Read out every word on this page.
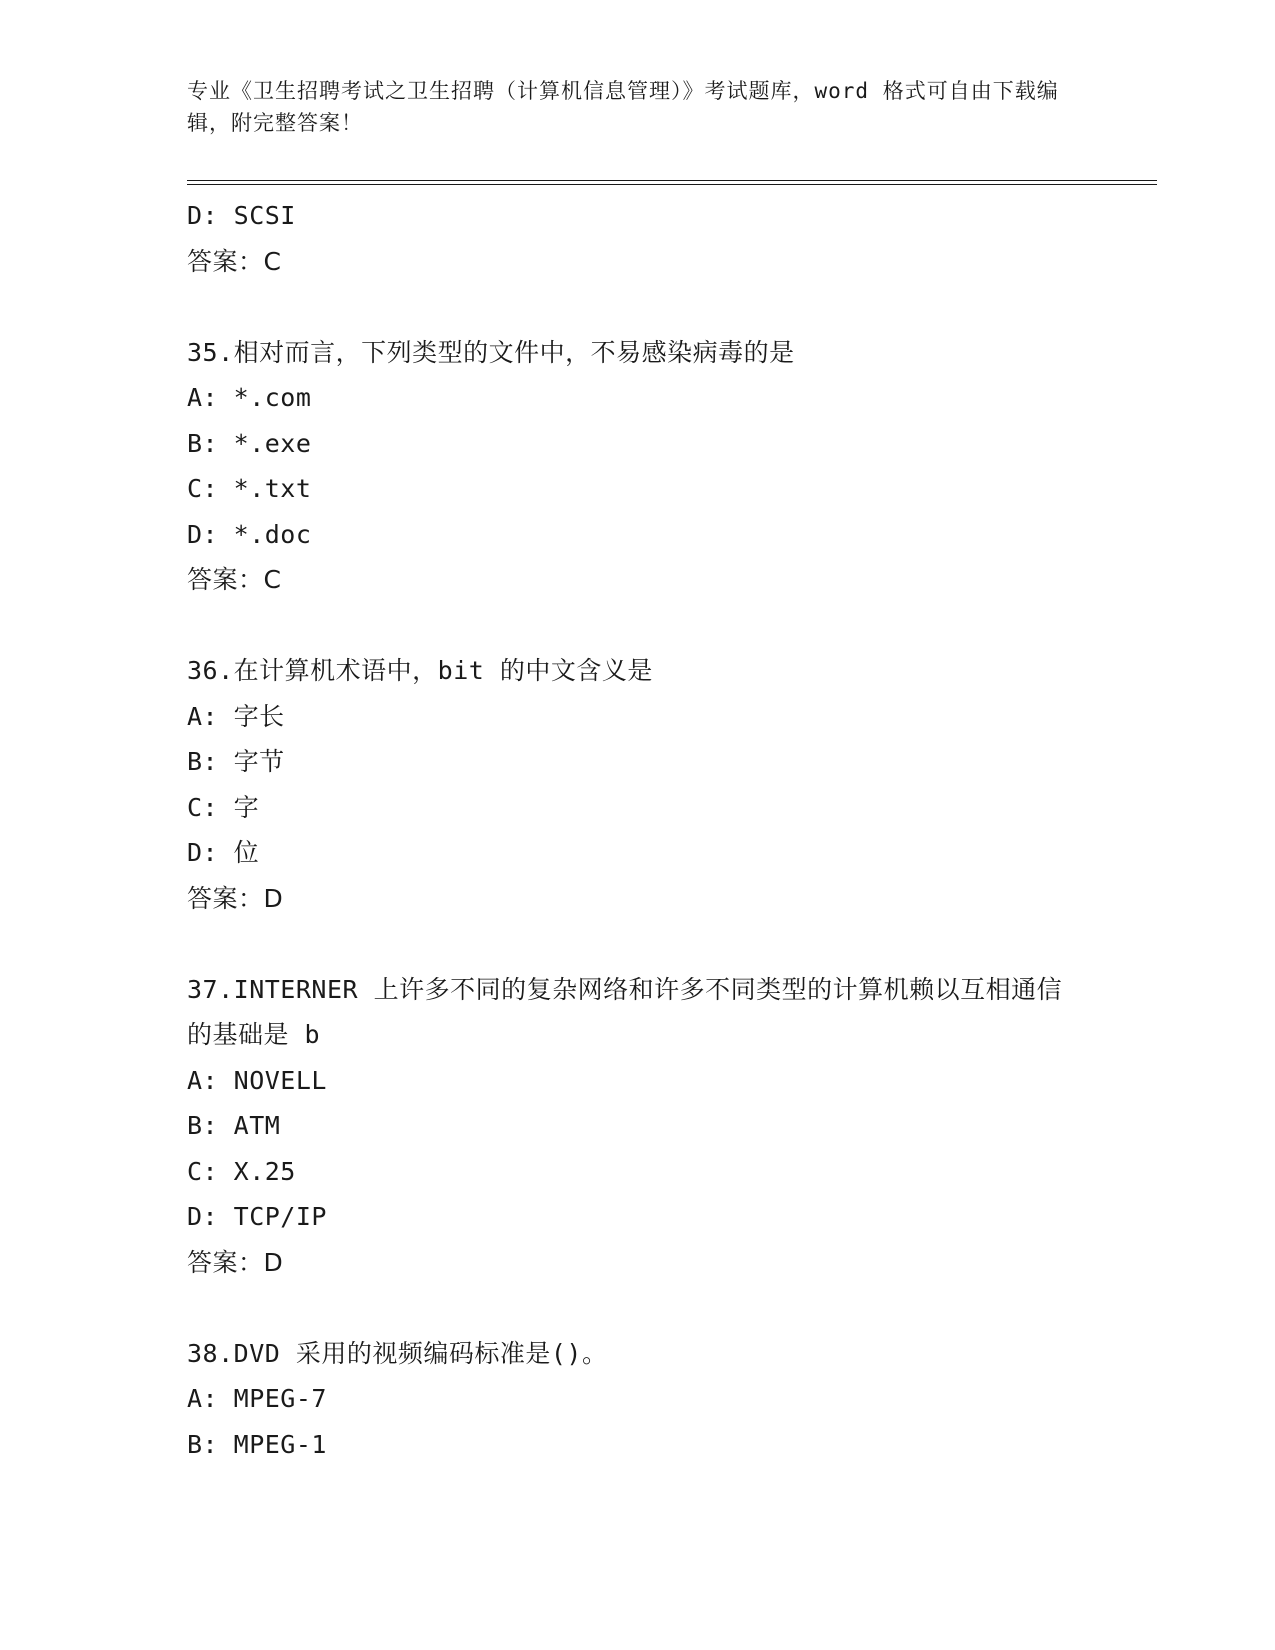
专业《卫生招聘考试之卫生招聘（计算机信息管理）》考试题库，word 格式可自由下载编辑，附完整答案！
D: SCSI
答案：C
35.相对而言，下列类型的文件中，不易感染病毒的是
A: *.com
B: *.exe
C: *.txt
D: *.doc
答案：C
36.在计算机术语中，bit 的中文含义是
A: 字长
B: 字节
C: 字
D: 位
答案：D
37.INTERNER 上许多不同的复杂网络和许多不同类型的计算机赖以互相通信的基础是 b
A: NOVELL
B: ATM
C: X.25
D: TCP/IP
答案：D
38.DVD 采用的视频编码标准是()。
A: MPEG-7
B: MPEG-1
